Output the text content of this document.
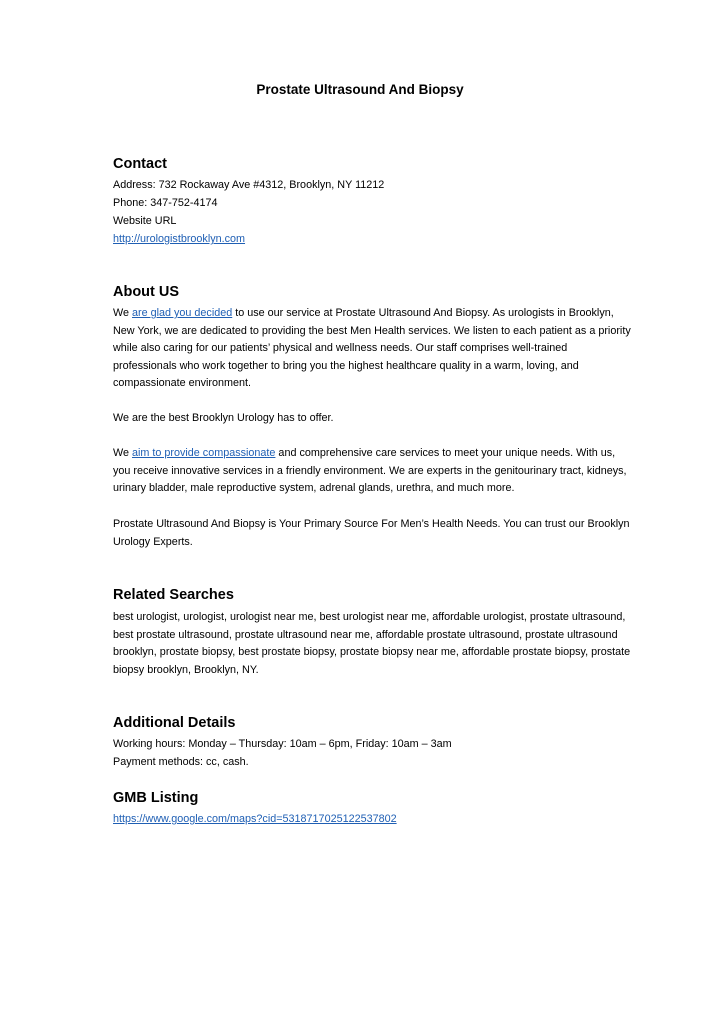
Prostate Ultrasound And Biopsy
Contact
Address: 732 Rockaway Ave #4312, Brooklyn, NY 11212
Phone: 347-752-4174
Website URL
http://urologistbrooklyn.com
About US

We are glad you decided to use our service at Prostate Ultrasound And Biopsy. As urologists in Brooklyn, New York, we are dedicated to providing the best Men Health services. We listen to each patient as a priority while also caring for our patients’ physical and wellness needs. Our staff comprises well-trained professionals who work together to bring you the highest healthcare quality in a warm, loving, and compassionate environment.

We are the best Brooklyn Urology has to offer.

We aim to provide compassionate and comprehensive care services to meet your unique needs. With us, you receive innovative services in a friendly environment. We are experts in the genitourinary tract, kidneys, urinary bladder, male reproductive system, adrenal glands, urethra, and much more.

Prostate Ultrasound And Biopsy is Your Primary Source For Men’s Health Needs. You can trust our Brooklyn Urology Experts.

Related Searches

best urologist, urologist, urologist near me, best urologist near me, affordable urologist, prostate ultrasound, best prostate ultrasound, prostate ultrasound near me, affordable prostate ultrasound, prostate ultrasound brooklyn, prostate biopsy, best prostate biopsy, prostate biopsy near me, affordable prostate biopsy, prostate biopsy brooklyn, Brooklyn, NY.

Additional Details
Working hours: Monday – Thursday: 10am – 6pm, Friday: 10am – 3am
Payment methods: cc, cash.
GMB Listing
https://www.google.com/maps?cid=5318717025122537802
